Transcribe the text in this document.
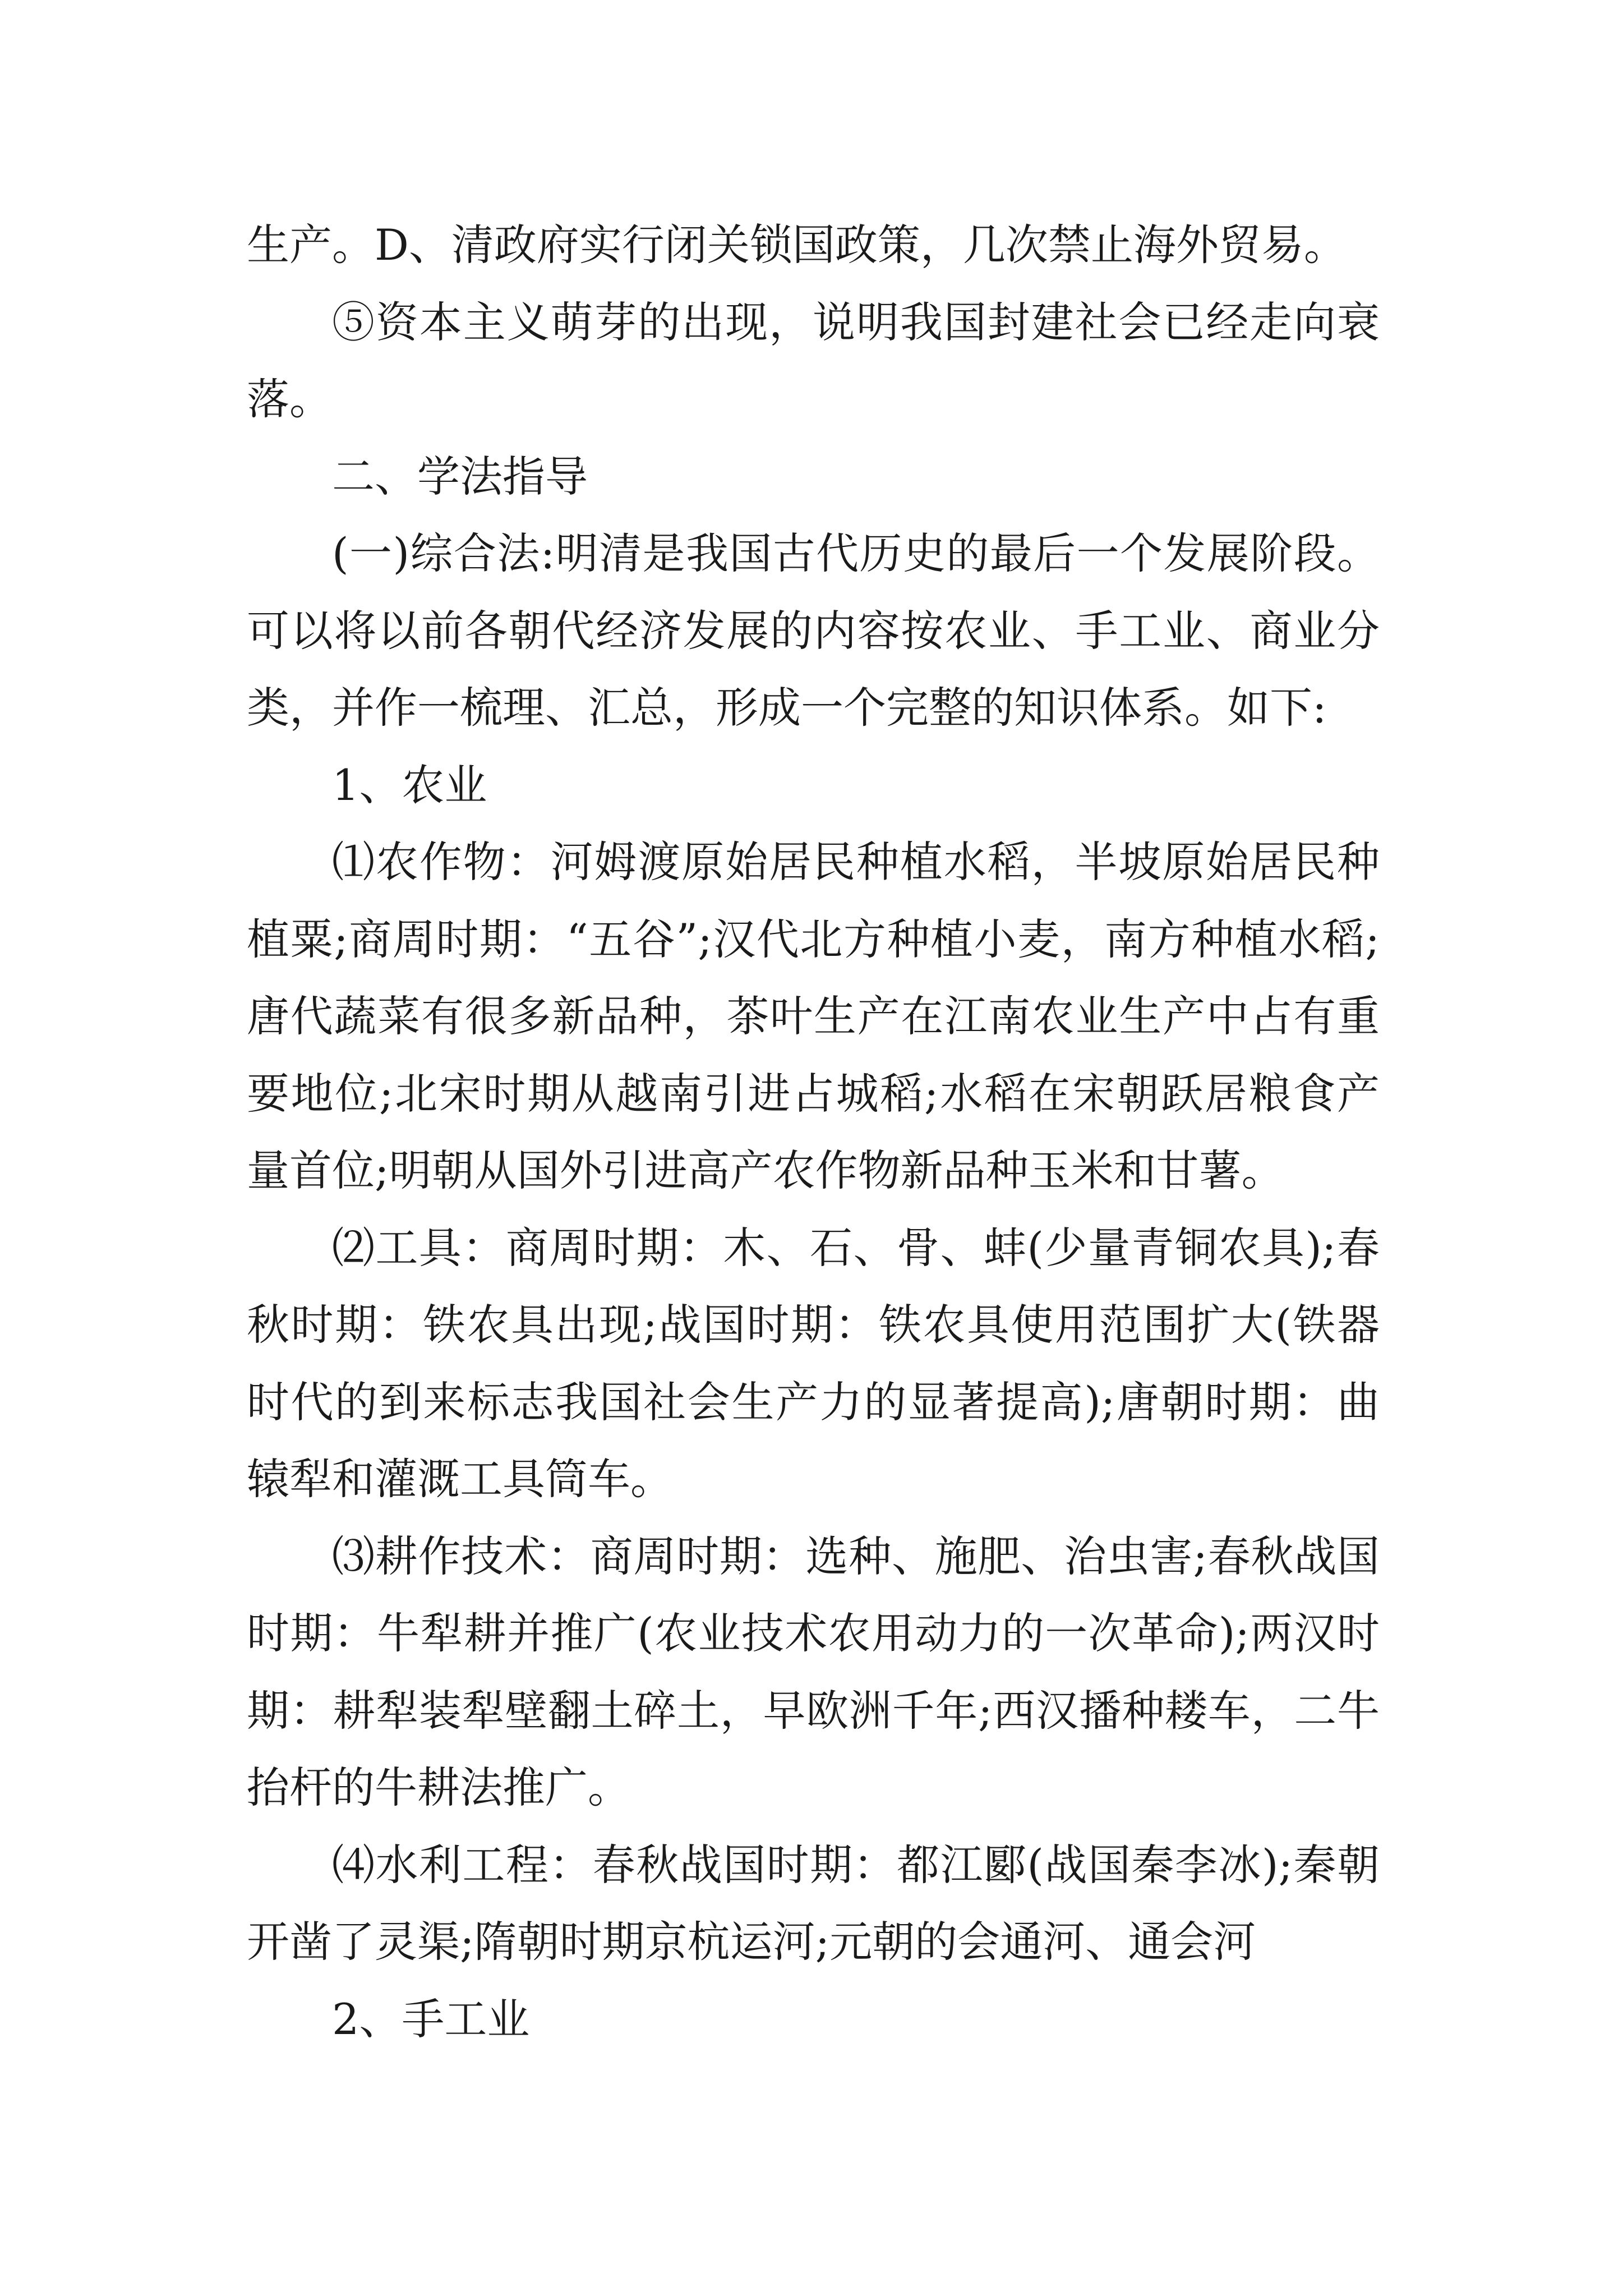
生产。D、清政府实行闭关锁国政策，几次禁止海外贸易。

⑤资本主义萌芽的出现，说明我国封建社会已经走向衰落。

二、学法指导

(一)综合法:明清是我国古代历史的最后一个发展阶段。可以将以前各朝代经济发展的内容按农业、手工业、商业分类，并作一梳理、汇总，形成一个完整的知识体系。如下:

1、农业

⑴农作物：河姆渡原始居民种植水稻，半坡原始居民种植粟;商周时期：“五谷”;汉代北方种植小麦，南方种植水稻;唐代蔬菜有很多新品种，茶叶生产在江南农业生产中占有重要地位;北宋时期从越南引进占城稻;水稻在宋朝跃居粮食产量首位;明朝从国外引进高产农作物新品种玉米和甘薯。

⑵工具：商周时期：木、石、骨、蚌(少量青铜农具);春秋时期：铁农具出现;战国时期：铁农具使用范围扩大(铁器时代的到来标志我国社会生产力的显著提高);唐朝时期：曲辕犁和灌溉工具筒车。

⑶耕作技术：商周时期：选种、施肥、治虫害;春秋战国时期：牛犁耕并推广(农业技术农用动力的一次革命);两汉时期：耕犁装犁壁翻土碎土，早欧洲千年;西汉播种耧车，二牛抬杆的牛耕法推广。

⑷水利工程：春秋战国时期：都江郾(战国秦李冰);秦朝开凿了灵渠;隋朝时期京杭运河;元朝的会通河、通会河

2、手工业
